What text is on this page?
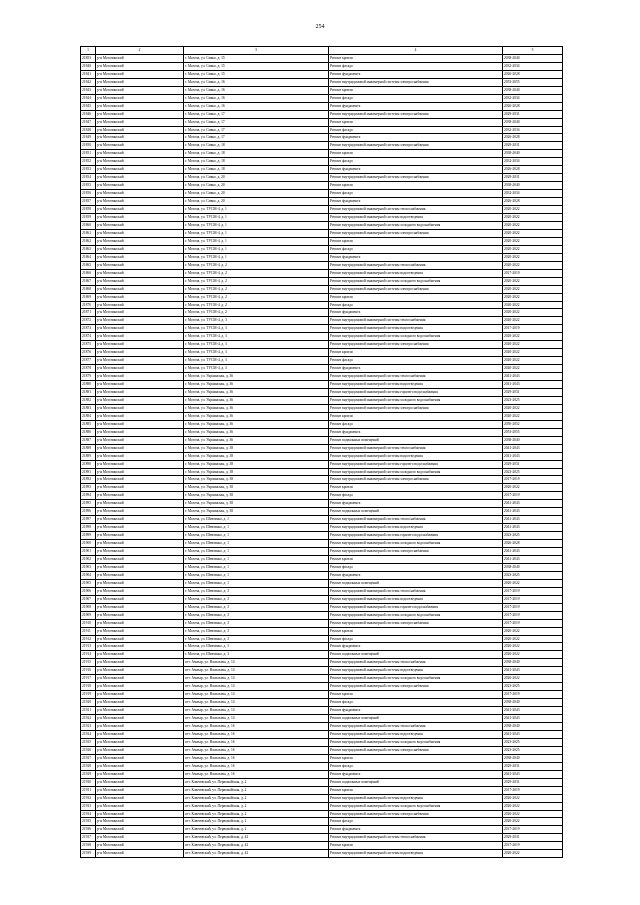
254
1	2	3	4	5
21853	р-н Могочинский	г. Могоча, ул. Сивко, д. 15	Ремонт кровли	2038-2040
21840	р-н Могочинский	г. Могоча, ул. Сивко, д. 15	Ремонт фасада	2032-2034
21841	р-н Могочинский	г. Могоча, ул. Сивко, д. 15	Ремонт фундамента	2026-2028
21842	р-н Могочинский	г. Могоча, ул. Сивко, д. 16	Ремонт внутридомовой инженерной системы электроснабжения	2053-2055
21843	р-н Могочинский	г. Могоча, ул. Сивко, д. 16	Ремонт кровли	2038-2040
21844	р-н Могочинский	г. Могоча, ул. Сивко, д. 16	Ремонт фасада	2032-2034
21845	р-н Могочинский	г. Могоча, ул. Сивко, д. 16	Ремонт фундамента	2026-2028
21846	р-н Могочинский	г. Могоча, ул. Сивко, д. 17	Ремонт внутридомовой инженерной системы электроснабжения	2029-2031
21847	р-н Могочинский	г. Могоча, ул. Сивко, д. 17	Ремонт кровли	2038-2040
21848	р-н Могочинский	г. Могоча, ул. Сивко, д. 17	Ремонт фасада	2032-2034
21849	р-н Могочинский	г. Могоча, ул. Сивко, д. 17	Ремонт фундамента	2026-2028
21850	р-н Могочинский	г. Могоча, ул. Сивко, д. 18	Ремонт внутридомовой инженерной системы электроснабжения	2029-2031
21851	р-н Могочинский	г. Могоча, ул. Сивко, д. 18	Ремонт кровли	2038-2040
21852	р-н Могочинский	г. Могоча, ул. Сивко, д. 18	Ремонт фасада	2032-2034
21853	р-н Могочинский	г. Могоча, ул. Сивко, д. 18	Ремонт фундамента	2026-2028
21854	р-н Могочинский	г. Могоча, ул. Сивко, д. 20	Ремонт внутридомовой инженерной системы электроснабжения	2029-2031
21855	р-н Могочинский	г. Могоча, ул. Сивко, д. 20	Ремонт кровли	2038-2040
21856	р-н Могочинский	г. Могоча, ул. Сивко, д. 20	Ремонт фасада	2032-2034
21857	р-н Могочинский	г. Могоча, ул. Сивко, д. 20	Ремонт фундамента	2026-2028
21858	р-н Могочинский	г. Могоча, ул. ТУСМ-4, д. 1	Ремонт внутридомовой инженерной системы теплоснабжения	2020-2022
21859	р-н Могочинский	г. Могоча, ул. ТУСМ-4, д. 1	Ремонт внутридомовой инженерной системы водоотведения	2020-2022
21860	р-н Могочинский	г. Могоча, ул. ТУСМ-4, д. 1	Ремонт внутридомовой инженерной системы холодного водоснабжения	2020-2022
21861	р-н Могочинский	г. Могоча, ул. ТУСМ-4, д. 1	Ремонт внутридомовой инженерной системы электроснабжения	2020-2022
21862	р-н Могочинский	г. Могоча, ул. ТУСМ-4, д. 1	Ремонт кровли	2020-2022
21863	р-н Могочинский	г. Могоча, ул. ТУСМ-4, д. 1	Ремонт фасада	2020-2022
21864	р-н Могочинский	г. Могоча, ул. ТУСМ-4, д. 1	Ремонт фундамента	2020-2022
21865	р-н Могочинский	г. Могоча, ул. ТУСМ-4, д. 2	Ремонт внутридомовой инженерной системы теплоснабжения	2020-2022
21866	р-н Могочинский	г. Могоча, ул. ТУСМ-4, д. 2	Ремонт внутридомовой инженерной системы водоотведения	2017-2019
21867	р-н Могочинский	г. Могоча, ул. ТУСМ-4, д. 2	Ремонт внутридомовой инженерной системы холодного водоснабжения	2020-2022
21868	р-н Могочинский	г. Могоча, ул. ТУСМ-4, д. 2	Ремонт внутридомовой инженерной системы электроснабжения	2020-2022
21869	р-н Могочинский	г. Могоча, ул. ТУСМ-4, д. 2	Ремонт кровли	2020-2022
21870	р-н Могочинский	г. Могоча, ул. ТУСМ-4, д. 2	Ремонт фасада	2020-2022
21871	р-н Могочинский	г. Могоча, ул. ТУСМ-4, д. 2	Ремонт фундамента	2020-2022
21872	р-н Могочинский	г. Могоча, ул. ТУСМ-4, д. 3	Ремонт внутридомовой инженерной системы теплоснабжения	2020-2022
21873	р-н Могочинский	г. Могоча, ул. ТУСМ-4, д. 3	Ремонт внутридомовой инженерной системы водоотведения	2017-2019
21874	р-н Могочинский	г. Могоча, ул. ТУСМ-4, д. 3	Ремонт внутридомовой инженерной системы холодного водоснабжения	2020-2022
21875	р-н Могочинский	г. Могоча, ул. ТУСМ-4, д. 3	Ремонт внутридомовой инженерной системы электроснабжения	2020-2022
21876	р-н Могочинский	г. Могоча, ул. ТУСМ-4, д. 3	Ремонт кровли	2020-2022
21877	р-н Могочинский	г. Могоча, ул. ТУСМ-4, д. 3	Ремонт фасада	2020-2022
21878	р-н Могочинский	г. Могоча, ул. ТУСМ-4, д. 3	Ремонт фундамента	2020-2022
21879	р-н Могочинский	г. Могоча, ул. Украинская, д. 36	Ремонт внутридомовой инженерной системы теплоснабжения	2041-2043
21880	р-н Могочинский	г. Могоча, ул. Украинская, д. 36	Ремонт внутридомовой инженерной системы водоотведения	2041-2043
21881	р-н Могочинский	г. Могоча, ул. Украинская, д. 36	Ремонт внутридомовой инженерной системы горячего водоснабжения	2029-2031
21882	р-н Могочинский	г. Могоча, ул. Украинская, д. 36	Ремонт внутридомовой инженерной системы холодного водоснабжения	2023-2025
21883	р-н Могочинский	г. Могоча, ул. Украинская, д. 36	Ремонт внутридомовой инженерной системы электроснабжения	2020-2022
21884	р-н Могочинский	г. Могоча, ул. Украинская, д. 36	Ремонт кровли	2020-2022
21885	р-н Могочинский	г. Могоча, ул. Украинская, д. 36	Ремонт фасада	2050-2052
21886	р-н Могочинский	г. Могоча, ул. Украинская, д. 36	Ремонт фундамента	2053-2055
21887	р-н Могочинский	г. Могоча, ул. Украинская, д. 36	Ремонт подвальных помещений	2038-2040
21888	р-н Могочинский	г. Могоча, ул. Украинская, д. 38	Ремонт внутридомовой инженерной системы теплоснабжения	2041-2043
21889	р-н Могочинский	г. Могоча, ул. Украинская, д. 38	Ремонт внутридомовой инженерной системы водоотведения	2041-2043
21890	р-н Могочинский	г. Могоча, ул. Украинская, д. 38	Ремонт внутридомовой инженерной системы горячего водоснабжения	2029-2031
21891	р-н Могочинский	г. Могоча, ул. Украинская, д. 38	Ремонт внутридомовой инженерной системы холодного водоснабжения	2023-2025
21892	р-н Могочинский	г. Могоча, ул. Украинская, д. 38	Ремонт внутридомовой инженерной системы электроснабжения	2017-2019
21893	р-н Могочинский	г. Могоча, ул. Украинская, д. 38	Ремонт кровли	2020-2022
21894	р-н Могочинский	г. Могоча, ул. Украинская, д. 38	Ремонт фасада	2017-2019
21895	р-н Могочинский	г. Могоча, ул. Украинская, д. 38	Ремонт фундамента	2041-2043
21896	р-н Могочинский	г. Могоча, ул. Украинская, д. 38	Ремонт подвальных помещений	2041-2043
21897	р-н Могочинский	г. Могоча, ул. Шевченко, д. 1	Ремонт внутридомовой инженерной системы теплоснабжения	2041-2043
21898	р-н Могочинский	г. Могоча, ул. Шевченко, д. 1	Ремонт внутридомовой инженерной системы водоотведения	2041-2043
21899	р-н Могочинский	г. Могоча, ул. Шевченко, д. 1	Ремонт внутридомовой инженерной системы горячего водоснабжения	2023-2025
21900	р-н Могочинский	г. Могоча, ул. Шевченко, д. 1	Ремонт внутридомовой инженерной системы холодного водоснабжения	2026-2028
21901	р-н Могочинский	г. Могоча, ул. Шевченко, д. 1	Ремонт внутридомовой инженерной системы электроснабжения	2041-2043
21902	р-н Могочинский	г. Могоча, ул. Шевченко, д. 1	Ремонт кровли	2041-2043
21903	р-н Могочинский	г. Могоча, ул. Шевченко, д. 1	Ремонт фасада	2038-2040
21904	р-н Могочинский	г. Могоча, ул. Шевченко, д. 1	Ремонт фундамента	2023-2025
21905	р-н Могочинский	г. Могоча, ул. Шевченко, д. 1	Ремонт подвальных помещений	2020-2022
21906	р-н Могочинский	г. Могоча, ул. Шевченко, д. 3	Ремонт внутридомовой инженерной системы теплоснабжения	2017-2019
21907	р-н Могочинский	г. Могоча, ул. Шевченко, д. 3	Ремонт внутридомовой инженерной системы водоотведения	2017-2019
21908	р-н Могочинский	г. Могоча, ул. Шевченко, д. 3	Ремонт внутридомовой инженерной системы горячего водоснабжения	2017-2019
21909	р-н Могочинский	г. Могоча, ул. Шевченко, д. 3	Ремонт внутридомовой инженерной системы холодного водоснабжения	2017-2019
21910	р-н Могочинский	г. Могоча, ул. Шевченко, д. 3	Ремонт внутридомовой инженерной системы электроснабжения	2017-2019
21911	р-н Могочинский	г. Могоча, ул. Шевченко, д. 3	Ремонт кровли	2020-2022
21912	р-н Могочинский	г. Могоча, ул. Шевченко, д. 3	Ремонт фасада	2020-2022
21913	р-н Могочинский	г. Могоча, ул. Шевченко, д. 3	Ремонт фундамента	2020-2022
21914	р-н Могочинский	г. Могоча, ул. Шевченко, д. 3	Ремонт подвальных помещений	2020-2022
21915	р-н Могочинский	пгт. Амазар, ул. Васильева, д. 14	Ремонт внутридомовой инженерной системы теплоснабжения	2038-2040
21916	р-н Могочинский	пгт. Амазар, ул. Васильева, д. 14	Ремонт внутридомовой инженерной системы водоотведения	2041-2043
21917	р-н Могочинский	пгт. Амазар, ул. Васильева, д. 14	Ремонт внутридомовой инженерной системы холодного водоснабжения	2020-2022
21918	р-н Могочинский	пгт. Амазар, ул. Васильева, д. 14	Ремонт внутридомовой инженерной системы электроснабжения	2023-2025
21919	р-н Могочинский	пгт. Амазар, ул. Васильева, д. 14	Ремонт кровли	2017-2019
21920	р-н Могочинский	пгт. Амазар, ул. Васильева, д. 14	Ремонт фасада	2038-2040
21921	р-н Могочинский	пгт. Амазар, ул. Васильева, д. 14	Ремонт фундамента	2041-2043
21922	р-н Могочинский	пгт. Амазар, ул. Васильева, д. 14	Ремонт подвальных помещений	2041-2043
21923	р-н Могочинский	пгт. Амазар, ул. Васильева, д. 16	Ремонт внутридомовой инженерной системы теплоснабжения	2038-2040
21924	р-н Могочинский	пгт. Амазар, ул. Васильева, д. 16	Ремонт внутридомовой инженерной системы водоотведения	2041-2043
21925	р-н Могочинский	пгт. Амазар, ул. Васильева, д. 16	Ремонт внутридомовой инженерной системы холодного водоснабжения	2023-2025
21926	р-н Могочинский	пгт. Амазар, ул. Васильева, д. 16	Ремонт внутридомовой инженерной системы электроснабжения	2023-2025
21927	р-н Могочинский	пгт. Амазар, ул. Васильева, д. 16	Ремонт кровли	2038-2040
21928	р-н Могочинский	пгт. Амазар, ул. Васильева, д. 16	Ремонт фасада	2029-2031
21929	р-н Могочинский	пгт. Амазар, ул. Васильева, д. 16	Ремонт фундамента	2041-2043
21930	р-н Могочинский	пгт. Ключевский, ул. Первомайская, д. 2	Ремонт подвальных помещений	2029-2031
21931	р-н Могочинский	пгт. Ключевский, ул. Первомайская, д. 2	Ремонт кровли	2017-2019
21932	р-н Могочинский	пгт. Ключевский, ул. Первомайская, д. 2	Ремонт внутридомовой инженерной системы водоотведения	2020-2022
21933	р-н Могочинский	пгт. Ключевский, ул. Первомайская, д. 2	Ремонт внутридомовой инженерной системы холодного водоснабжения	2020-2022
21934	р-н Могочинский	пгт. Ключевский, ул. Первомайская, д. 2	Ремонт внутридомовой инженерной системы электроснабжения	2020-2022
21935	р-н Могочинский	пгт. Ключевский, ул. Первомайская, д. 2	Ремонт фасада	2020-2022
21936	р-н Могочинский	пгт. Ключевский, ул. Первомайская, д. 2	Ремонт фундамента	2017-2019
21937	р-н Могочинский	пгт. Ключевский, ул. Первомайская, д. 42	Ремонт внутридомовой инженерной системы теплоснабжения	2029-2031
21938	р-н Могочинский	пгт. Ключевский, ул. Первомайская, д. 42	Ремонт кровли	2017-2019
21939	р-н Могочинский	пгт. Ключевский, ул. Первомайская, д. 42	Ремонт внутридомовой инженерной системы водоотведения	2020-2022
